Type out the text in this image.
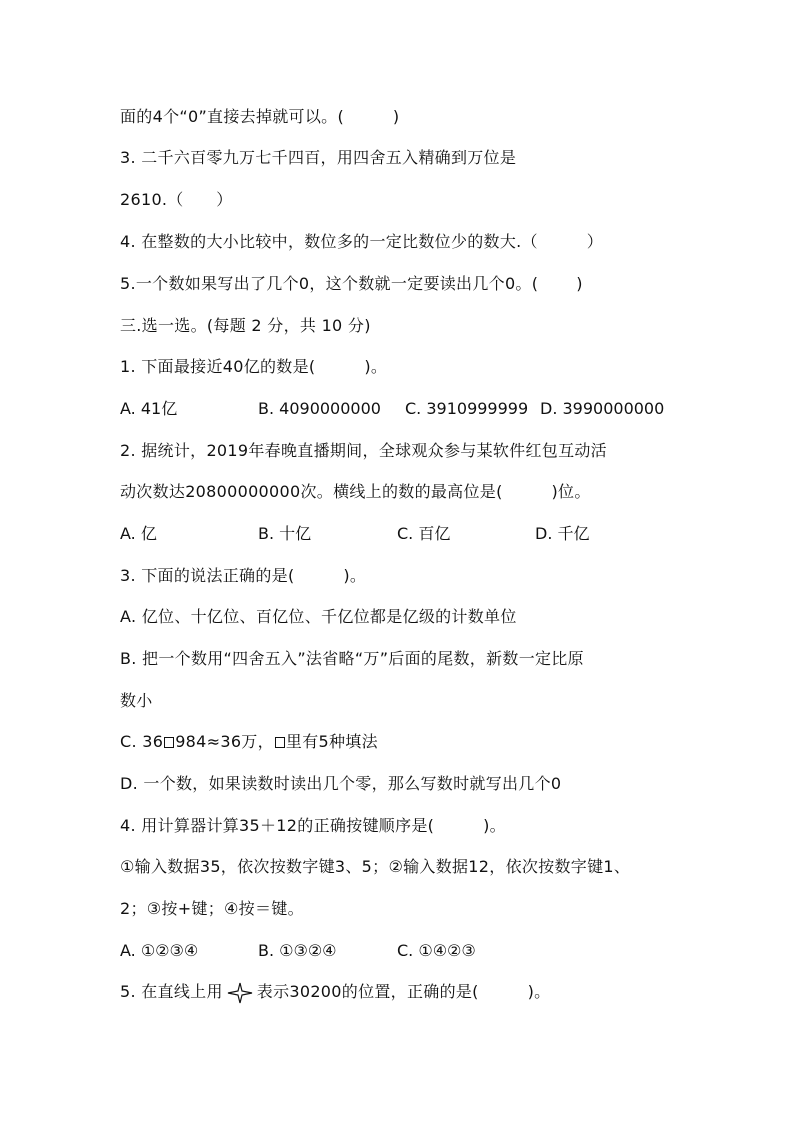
面的4个“0”直接去掉就可以。(　　　)
3. 二千六百零九万七千四百，用四舍五入精确到万位是
2610.（　　）
4. 在整数的大小比较中，数位多的一定比数位少的数大.（　　　）
5.一个数如果写出了几个0，这个数就一定要读出几个0。(　　 )
三.选一选。(每题 2 分，共 10 分)
1. 下面最接近40亿的数是(　　　)。
A. 41亿	B. 4090000000 C. 3910999999 D. 3990000000
2. 据统计，2019年春晚直播期间，全球观众参与某软件红包互动活
动次数达20800000000次。横线上的数的最高位是(　　　)位。
A. 亿	B. 十亿	C. 百亿	D. 千亿
3. 下面的说法正确的是(　　　)。
A. 亿位、十亿位、百亿位、千亿位都是亿级的计数单位
B. 把一个数用“四舍五入”法省略“万”后面的尾数，新数一定比原
数小
C. 36 984≈36万， 里有5种填法
D. 一个数，如果读数时读出几个零，那么写数时就写出几个0
4. 用计算器计算35＋12的正确按键顺序是(　　　)。
①输入数据35，依次按数字键3、5；②输入数据12，依次按数字键1、
2；③按+键；④按＝键。
A. ①②③④	B. ①③②④	C. ①④②③
5. 在直线上用 表示30200的位置，正确的是(　　　)。
